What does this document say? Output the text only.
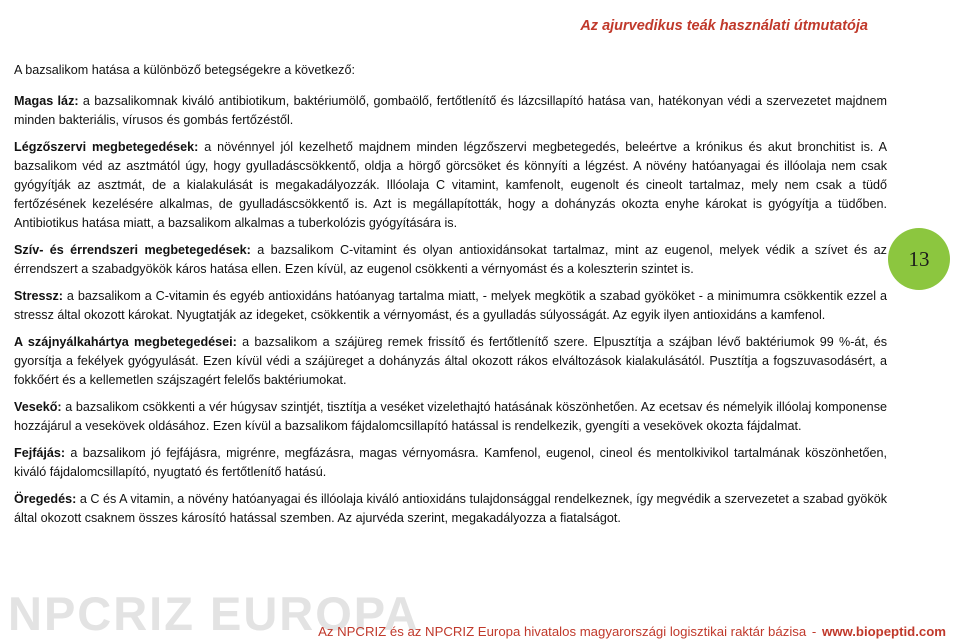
Az ajurvedikus teák használati útmutatója
13

A bazsalikom hatása a különböző betegségekre a következő:

Magas láz: a bazsalikomnak kiváló antibiotikum, baktériumölő, gombaölő, fertőtlenítő és lázcsillapító hatása van, hatékonyan védi a szervezetet majdnem minden bakteriális, vírusos és gombás fertőzéstől.

Légzőszervi megbetegedések: a növénnyel jól kezelhető majdnem minden légzőszervi megbetegedés, beleértve a krónikus és akut bronchitist is. A bazsalikom véd az asztmától úgy, hogy gyulladáscsökkentő, oldja a hörgő görcsöket és könnyíti a légzést. A növény hatóanyagai és illóolaja nem csak gyógyítják az asztmát, de a kialakulását is megakadályozzák. Illóolaja C vitamint, kamfenolt, eugenolt és cineolt tartalmaz, mely nem csak a tüdő fertőzésének kezelésére alkalmas, de gyulladáscsökkentő is. Azt is megállapították, hogy a dohányzás okozta enyhe károkat is gyógyítja a tüdőben. Antibiotikus hatása miatt, a bazsalikom alkalmas a tuberkolózis gyógyítására is.

Szív- és érrendszeri megbetegedések: a bazsalikom C-vitamint és olyan antioxidánsokat tartalmaz, mint az eugenol, melyek védik a szívet és az érrendszert a szabadgyökök káros hatása ellen. Ezen kívül, az eugenol csökkenti a vérnyomást és a koleszterin szintet is.

Stressz: a bazsalikom a C-vitamin és egyéb antioxidáns hatóanyag tartalma miatt, - melyek megkötik a szabad gyököket - a minimumra csökkentik ezzel a stressz által okozott károkat. Nyugtatják az idegeket, csökkentik a vérnyomást, és a gyulladás súlyosságát. Az egyik ilyen antioxidáns a kamfenol.

A szájnyálkahártya megbetegedései: a bazsalikom a szájüreg remek frissítő és fertőtlenítő szere. Elpusztítja a szájban lévő baktériumok 99 %-át, és gyorsítja a fekélyek gyógyulását. Ezen kívül védi a szájüreget a dohányzás által okozott rákos elváltozások kialakulásától. Pusztítja a fogszuvasodásért, a fokkőért és a kellemetlen szájszagért felelős baktériumokat.

Vesekő: a bazsalikom csökkenti a vér húgysav szintjét, tisztítja a veséket vizelethajtó hatásának köszönhetően. Az ecetsav és némelyik illóolaj komponense hozzájárul a vesekövek oldásához. Ezen kívül a bazsalikom fájdalomcsillapító hatással is rendelkezik, gyengíti a vesekövek okozta fájdalmat.

Fejfájás: a bazsalikom jó fejfájásra, migrénre, megfázásra, magas vérnyomásra. Kamfenol, eugenol, cineol és mentolkivikol tartalmának köszönhetően, kiváló fájdalomcsillapító, nyugtató és fertőtlenítő hatású.

Öregedés: a C és A vitamin, a növény hatóanyagai és illóolaja kiváló antioxidáns tulajdonsággal rendelkeznek, így megvédik a szervezetet a szabad gyökök által okozott csaknem összes károsító hatással szemben. Az ajurvéda szerint, megakadályozza a fiatalságot.

NPCRIZ EUROPA
Az NPCRIZ és az NPCRIZ Europa hivatalos magyarországi logisztikai raktár bázisa - www.biopeptid.com
